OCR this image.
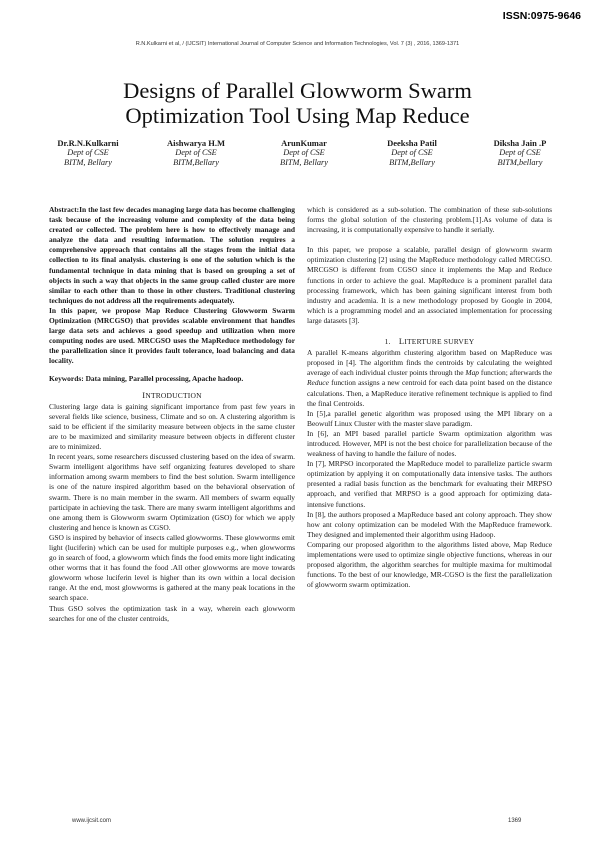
ISSN:0975-9646
R.N.Kulkarni et al, / (IJCSIT) International Journal of Computer Science and Information Technologies, Vol. 7 (3) , 2016, 1369-1371
Designs of Parallel Glowworm Swarm
Optimization Tool Using Map Reduce
Dr.R.N.Kulkarni
Dept of CSE
BITM, Bellary
Aishwarya H.M
Dept of CSE
BITM,Bellary
ArunKumar
Dept of CSE
BITM, Bellary
Deeksha Patil
Dept of CSE
BITM,Bellary
Diksha Jain .P
Dept of CSE
BITM,bellary

Abstract:In the last few decades managing large data has become challenging task because of the increasing volume and complexity of the data being created or collected. The problem here is how to effectively manage and analyze the data and resulting information. The solution requires a comprehensive approach that contains all the stages from the initial data collection to its final analysis. clustering is one of the solution which is the fundamental technique in data mining that is based on grouping a set of objects in such a way that objects in the same group called cluster are more similar to each other than to those in other clusters. Traditional clustering techniques do not address all the requirements adequately.

In this paper, we propose Map Reduce Clustering Glowworm Swarm Optimization (MRCGSO) that provides scalable environment that handles large data sets and achieves a good speedup and utilization when more computing nodes are used. MRCGSO uses the MapReduce methodology for the parallelization since it provides fault tolerance, load balancing and data locality.

Keywords: Data mining, Parallel processing, Apache hadoop.

INTRODUCTION

Clustering large data is gaining significant importance from past few years in several fields like science, business, Climate and so on. A clustering algorithm is said to be efficient if the similarity measure between objects in the same cluster are to be maximized and similarity measure between objects in different cluster are to minimized.

In recent years, some researchers discussed clustering based on the idea of swarm. Swarm intelligent algorithms have self organizing features developed to share information among swarm members to find the best solution. Swarm intelligence is one of the nature inspired algorithm based on the behavioral observation of swarm. There is no main member in the swarm. All members of swarm equally participate in achieving the task. There are many swarm intelligent algorithms and one among them is Glowworm swarm Optimization (GSO) for which we apply clustering and hence is known as CGSO.

GSO is inspired by behavior of insects called glowworms. These glowworms emit light (luciferin) which can be used for multiple purposes e.g., when glowworms go in search of food, a glowworm which finds the food emits more light indicating other worms that it has found the food .All other glowworms are move towards glowworm whose luciferin level is higher than its own within a local decision range. At the end, most glowworms is gathered at the many peak locations in the search space.

Thus GSO solves the optimization task in a way, wherein each glowworm searches for one of the cluster centroids,

which is considered as a sub-solution. The combination of these sub-solutions forms the global solution of the clustering problem.[1].As volume of data is increasing, it is computationally expensive to handle it serially.

In this paper, we propose a scalable, parallel design of glowworm swarm optimization clustering [2] using the MapReduce methodology called MRCGSO. MRCGSO is different from CGSO since it implements the Map and Reduce functions in order to achieve the goal. MapReduce is a prominent parallel data processing framework, which has been gaining significant interest from both industry and academia. It is a new methodology proposed by Google in 2004, which is a programming model and an associated implementation for processing large datasets [3].

1. LITERTURE SURVEY

A parallel K-means algorithm clustering algorithm based on MapReduce was proposed in [4]. The algorithm finds the centroids by calculating the weighted average of each individual cluster points through the Map function; afterwards the Reduce function assigns a new centroid for each data point based on the distance calculations. Then, a MapReduce iterative refinement technique is applied to find the final Centroids.

In [5],a parallel genetic algorithm was proposed using the MPI library on a Beowulf Linux Cluster with the master slave paradigm.

In [6], an MPI based parallel particle Swarm optimization algorithm was introduced. However, MPI is not the best choice for parallelization because of the weakness of having to handle the failure of nodes.

In [7], MRPSO incorporated the MapReduce model to parallelize particle swarm optimization by applying it on computationally data intensive tasks. The authors presented a radial basis function as the benchmark for evaluating their MRPSO approach, and verified that MRPSO is a good approach for optimizing data-intensive functions.

In [8], the authors proposed a MapReduce based ant colony approach. They show how ant colony optimization can be modeled With the MapReduce framework. They designed and implemented their algorithm using Hadoop.

Comparing our proposed algorithm to the algorithms listed above, Map Reduce implementations were used to optimize single objective functions, whereas in our proposed algorithm, the algorithm searches for multiple maxima for multimodal functions. To the best of our knowledge, MR-CGSO is the first the parallelization of glowworm swarm optimization.

www.ijcsit.com	1369
